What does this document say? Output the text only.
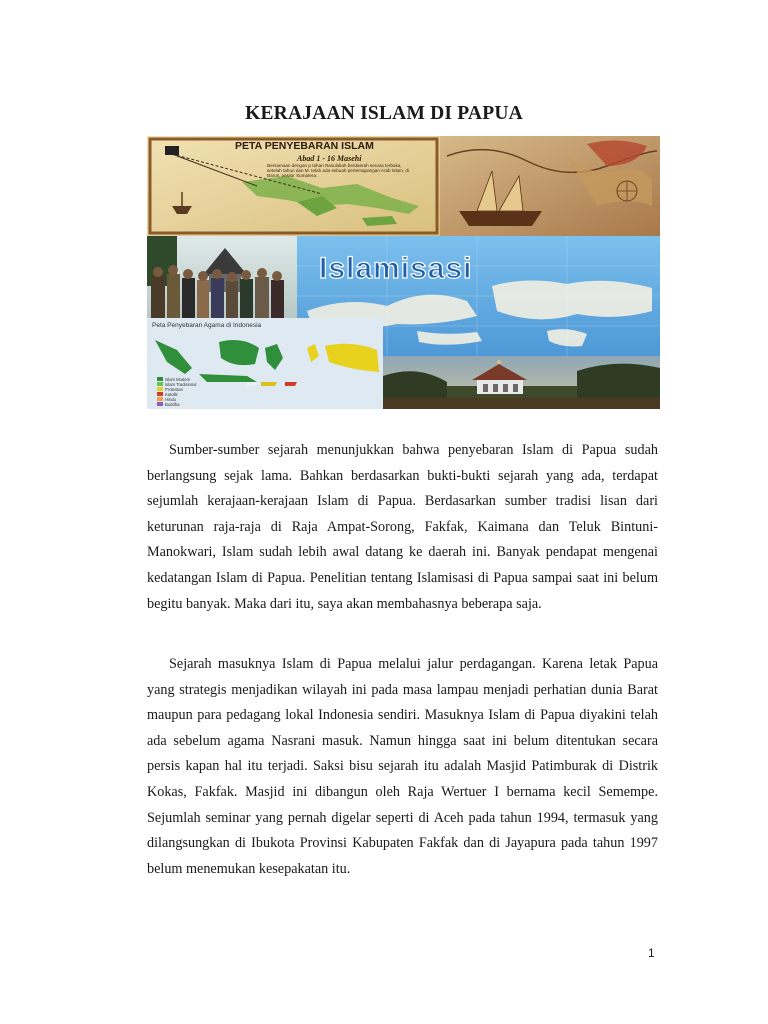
KERAJAAN ISLAM DI PAPUA
PETA PENYEBARAN ISLAM
Abad 1 - 16 Masehi
Bersamaan dengan p tahan Rasulullah berdaerah secara terbuka, setelah tahun dan M. telah ada sebuah pertemapangan Arab Islam, di Barus, pesisir Sumatera.
Islamisasi
Peta Penyebaran Agama di Indonesia
Islam Modern
Islam Tradisional
Protestan
Katolik
Hindu
Buddha

Sumber-sumber sejarah menunjukkan bahwa penyebaran Islam di Papua sudah berlangsung sejak lama. Bahkan berdasarkan bukti-bukti sejarah yang ada, terdapat sejumlah kerajaan-kerajaan Islam di Papua. Berdasarkan sumber tradisi lisan dari keturunan raja-raja di Raja Ampat-Sorong, Fakfak, Kaimana dan Teluk Bintuni-Manokwari, Islam sudah lebih awal datang ke daerah ini. Banyak pendapat mengenai kedatangan Islam di Papua. Penelitian tentang Islamisasi di Papua sampai saat ini belum begitu banyak. Maka dari itu, saya akan membahasnya beberapa saja.

Sejarah masuknya Islam di Papua melalui jalur perdagangan. Karena letak Papua yang strategis menjadikan wilayah ini pada masa lampau menjadi perhatian dunia Barat maupun para pedagang lokal Indonesia sendiri. Masuknya Islam di Papua diyakini telah ada sebelum agama Nasrani masuk. Namun hingga saat ini belum ditentukan secara persis kapan hal itu terjadi. Saksi bisu sejarah itu adalah Masjid Patimburak di Distrik Kokas, Fakfak. Masjid ini dibangun oleh Raja Wertuer I bernama kecil Semempe. Sejumlah seminar yang pernah digelar seperti di Aceh pada tahun 1994, termasuk yang dilangsungkan di Ibukota Provinsi Kabupaten Fakfak dan di Jayapura pada tahun 1997 belum menemukan kesepakatan itu.

1
